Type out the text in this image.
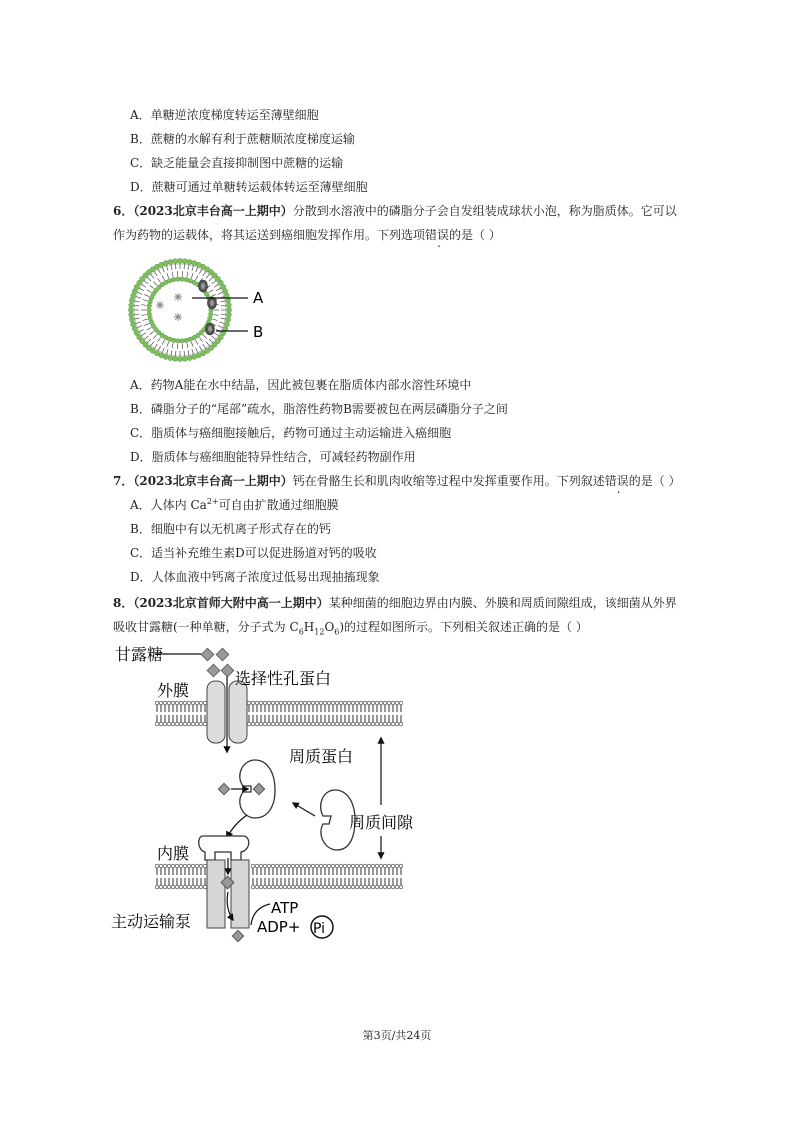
A．单糖逆浓度梯度转运至薄壁细胞
B．蔗糖的水解有利于蔗糖顺浓度梯度运输
C．缺乏能量会直接抑制图中蔗糖的运输
D．蔗糖可通过单糖转运载体转运至薄壁细胞
6．（2023北京丰台高一上期中）分散到水溶液中的磷脂分子会自发组装成球状小泡，称为脂质体。它可以
作为药物的运载体，将其运送到癌细胞发挥作用。下列选项错误的是（ ）
A
B
A．药物A能在水中结晶，因此被包裹在脂质体内部水溶性环境中
B．磷脂分子的“尾部”疏水，脂溶性药物B需要被包在两层磷脂分子之间
C．脂质体与癌细胞接触后，药物可通过主动运输进入癌细胞
D．脂质体与癌细胞能特异性结合，可减轻药物副作用
7．（2023北京丰台高一上期中）钙在骨骼生长和肌肉收缩等过程中发挥重要作用。下列叙述错误的是（ ）
A．人体内 $Ca^{2+}$可自由扩散通过细胞膜
B．细胞中有以无机离子形式存在的钙
C．适当补充维生素D可以促进肠道对钙的吸收
D．人体血液中钙离子浓度过低易出现抽搐现象
8．（2023北京首师大附中高一上期中）某种细菌的细胞边界由内膜、外膜和周质间隙组成，该细菌从外界
吸收甘露糖(一种单糖，分子式为 $C_6H_{12}O_6$)的过程如图所示。下列相关叙述正确的是（ ）
甘露糖
外膜
选择性孔蛋白
周质蛋白
周质间隙
内膜
主动运输泵
ATP
ADP+ Pi
第3页/共24页
